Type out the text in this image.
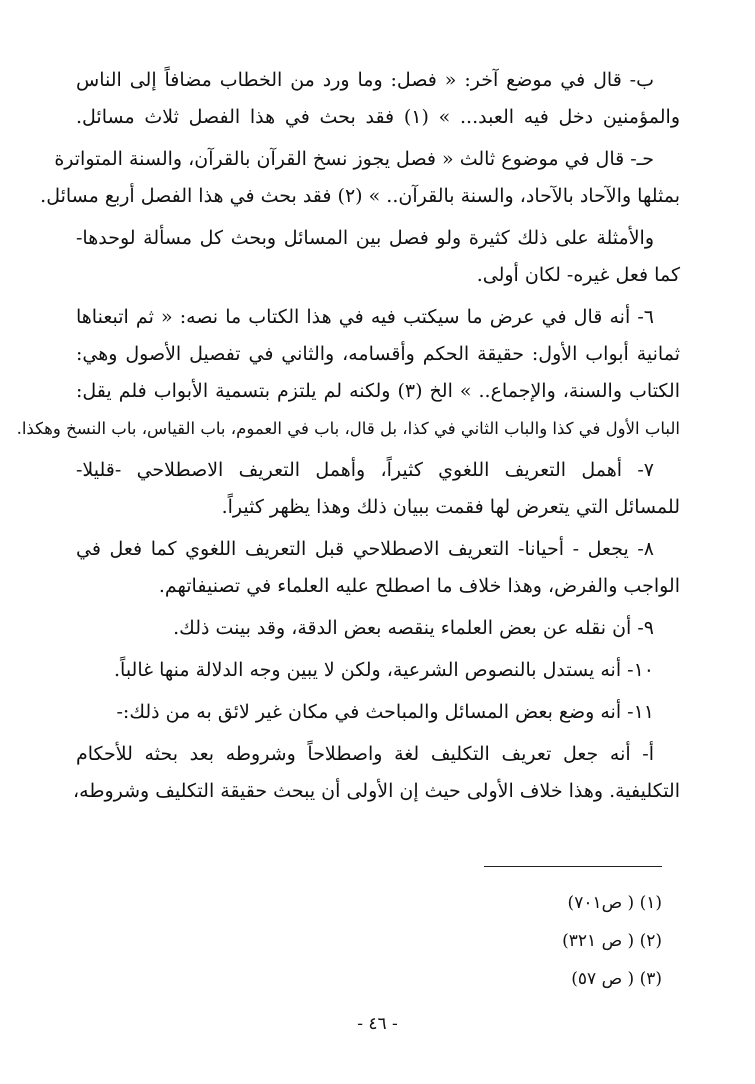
ب- قال في موضع آخر: « فصل: وما ورد من الخطاب مضافاً إلى الناس
والمؤمنين دخل فيه العبد... » (١) فقد بحث في هذا الفصل ثلاث مسائل.
حـ- قال في موضوع ثالث « فصل يجوز نسخ القرآن بالقرآن، والسنة المتواترة
بمثلها والآحاد بالآحاد، والسنة بالقرآن.. » (٢) فقد بحث في هذا الفصل أربع مسائل.
والأمثلة على ذلك كثيرة ولو فصل بين المسائل وبحث كل مسألة لوحدها-
كما فعل غيره- لكان أولى.
٦- أنه قال في عرض ما سيكتب فيه في هذا الكتاب ما نصه: « ثم اتبعناها
ثمانية أبواب الأول: حقيقة الحكم وأقسامه، والثاني في تفصيل الأصول وهي:
الكتاب والسنة، والإجماع.. » الخ (٣) ولكنه لم يلتزم بتسمية الأبواب فلم يقل:
الباب الأول في كذا والباب الثاني في كذا، بل قال، باب في العموم، باب القياس، باب النسخ وهكذا.
٧- أهمل التعريف اللغوي كثيراً، وأهمل التعريف الاصطلاحي -قليلا-
للمسائل التي يتعرض لها فقمت ببيان ذلك وهذا يظهر كثيراً.
٨- يجعل - أحيانا- التعريف الاصطلاحي قبل التعريف اللغوي كما فعل في
الواجب والفرض، وهذا خلاف ما اصطلح عليه العلماء في تصنيفاتهم.
٩- أن نقله عن بعض العلماء ينقصه بعض الدقة، وقد بينت ذلك.
١٠- أنه يستدل بالنصوص الشرعية، ولكن لا يبين وجه الدلالة منها غالباً.
١١- أنه وضع بعض المسائل والمباحث في مكان غير لائق به من ذلك:-
أ- أنه جعل تعريف التكليف لغة واصطلاحاً وشروطه بعد بحثه للأحكام
التكليفية. وهذا خلاف الأولى حيث إن الأولى أن يبحث حقيقة التكليف وشروطه،
(١) ( ص٧٠١)
(٢) ( ص ٣٢١)
(٣) ( ص ٥٧)
- ٤٦ -
